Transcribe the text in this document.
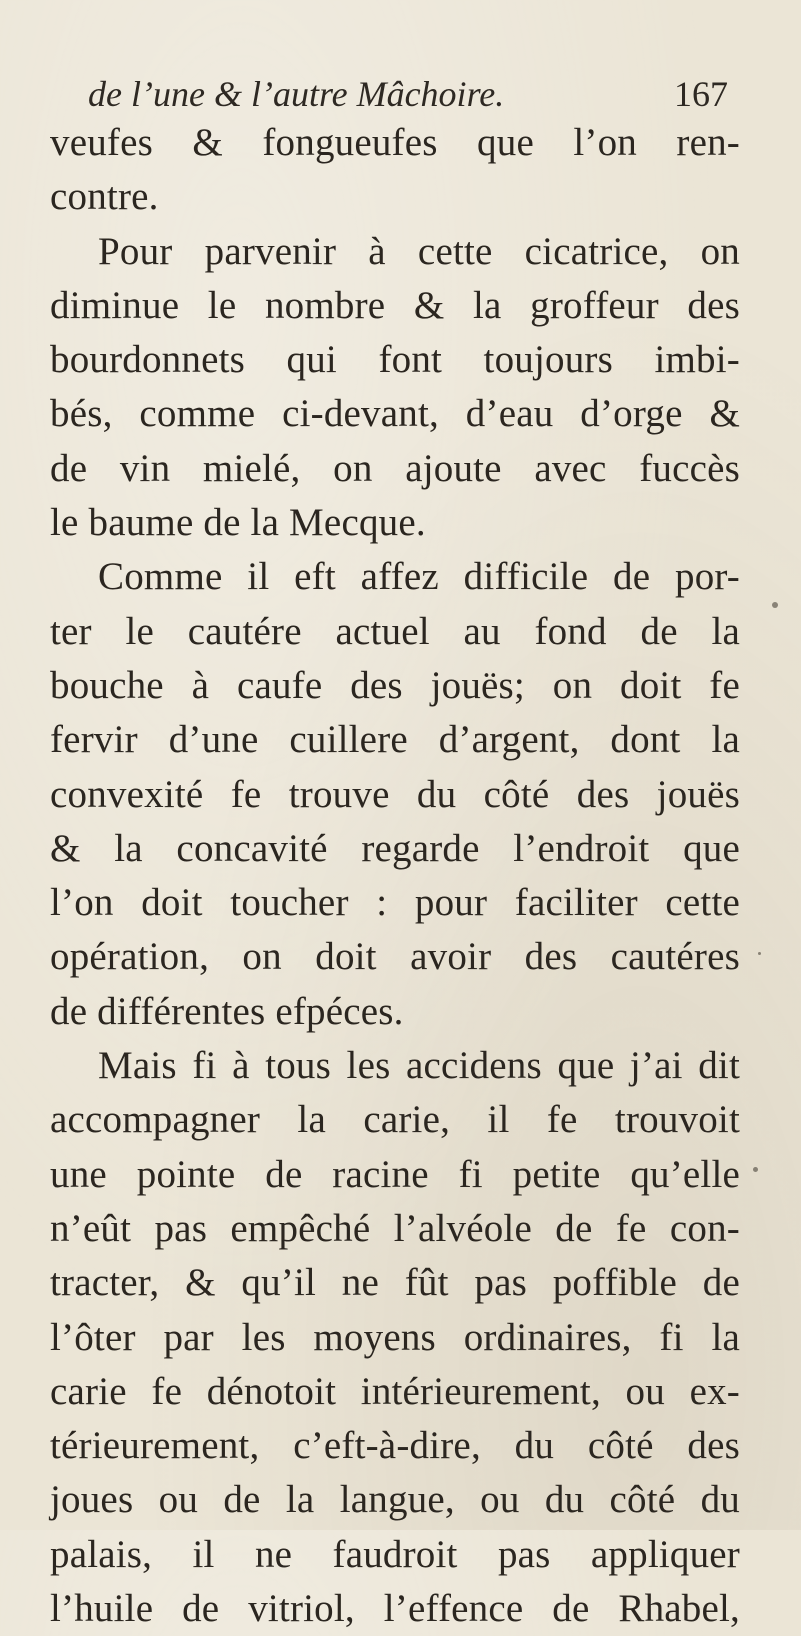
de l’une & l’autre Mâchoire.	167
veufes & fongueufes que l’on ren-
contre.
Pour parvenir à cette cicatrice, on
diminue le nombre & la groffeur des
bourdonnets qui font toujours imbi-
bés, comme ci-devant, d’eau d’orge &
de vin mielé, on ajoute avec fuccès
le baume de la Mecque.
Comme il eft affez difficile de por-
ter le cautére actuel au fond de la
bouche à caufe des jouës; on doit fe
fervir d’une cuillere d’argent, dont la
convexité fe trouve du côté des jouës
& la concavité regarde l’endroit que
l’on doit toucher : pour faciliter cette
opération, on doit avoir des cautéres
de différentes efpéces.
Mais fi à tous les accidens que j’ai dit
accompagner la carie, il fe trouvoit
une pointe de racine fi petite qu’elle
n’eût pas empêché l’alvéole de fe con-
tracter, & qu’il ne fût pas poffible de
l’ôter par les moyens ordinaires, fi la
carie fe dénotoit intérieurement, ou ex-
térieurement, c’eft-à-dire, du côté des
joues ou de la langue, ou du côté du
palais, il ne faudroit pas appliquer
l’huile de vitriol, l’effence de Rhabel,
